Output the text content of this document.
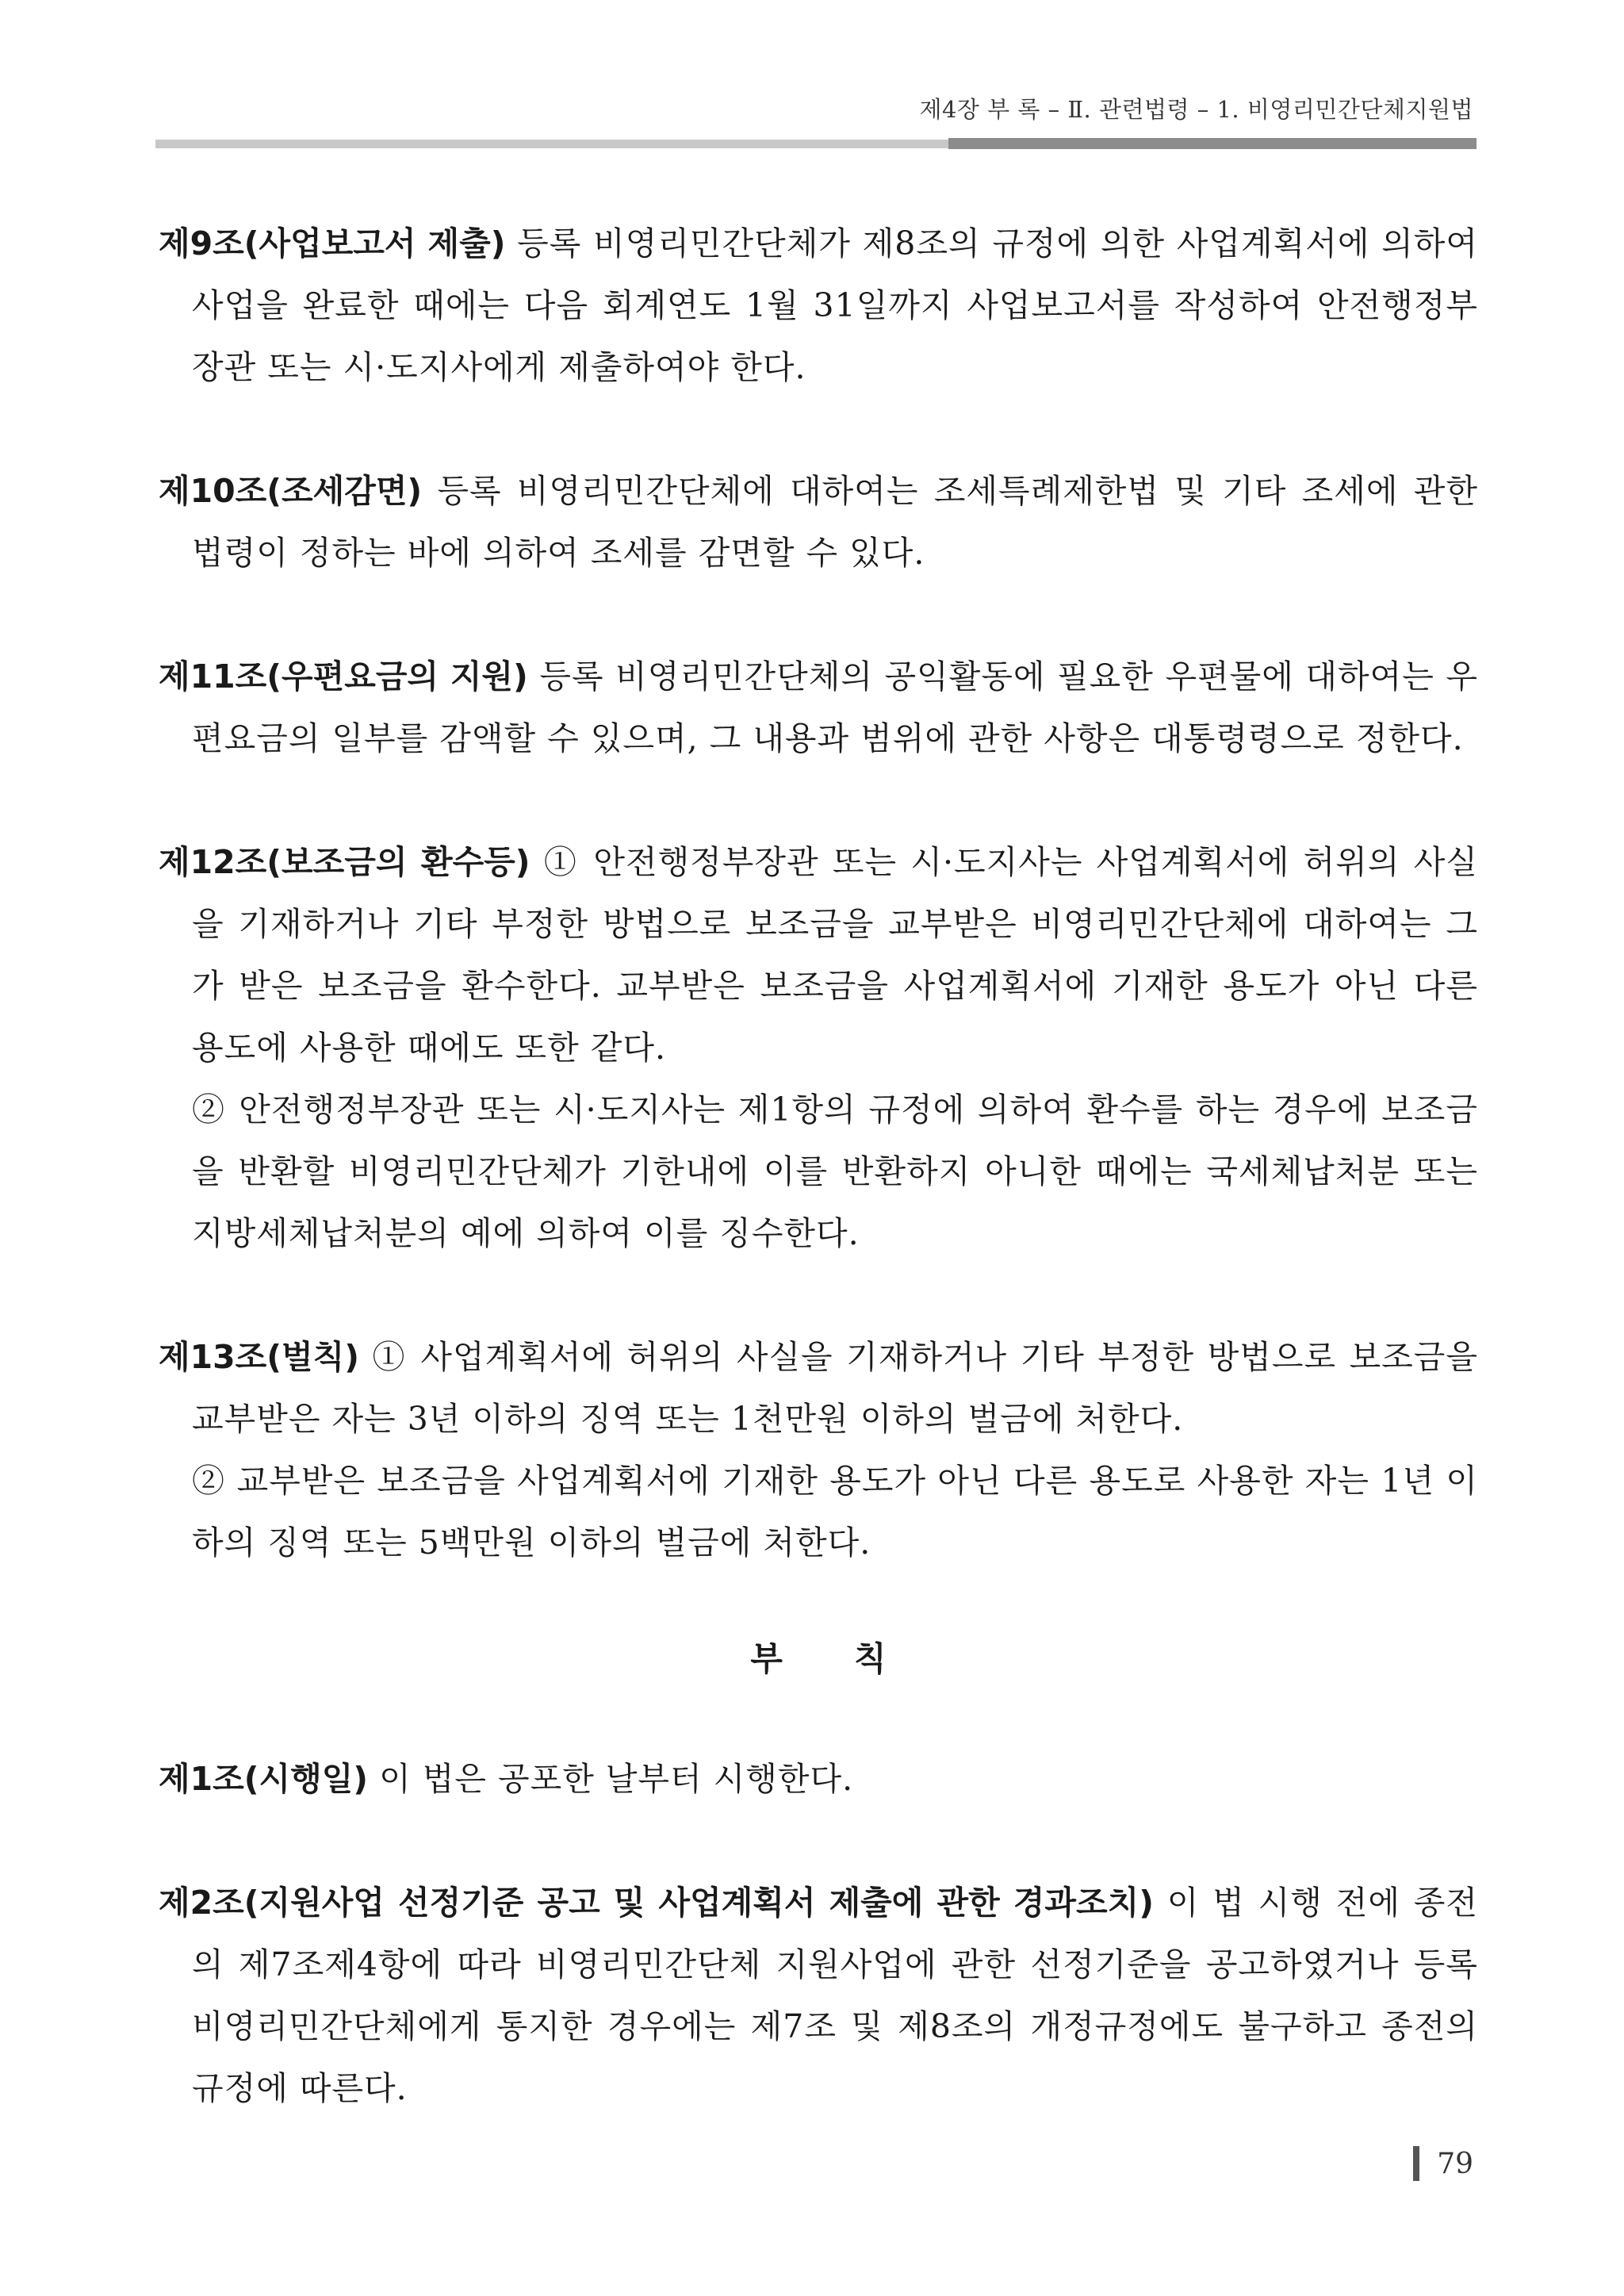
제4장 부 록 – Ⅱ. 관련법령 – 1. 비영리민간단체지원법

제9조(사업보고서 제출) 등록 비영리민간단체가 제8조의 규정에 의한 사업계획서에 의하여 사업을 완료한 때에는 다음 회계연도 1월 31일까지 사업보고서를 작성하여 안전행정부장관 또는 시·도지사에게 제출하여야 한다.

제10조(조세감면) 등록 비영리민간단체에 대하여는 조세특례제한법 및 기타 조세에 관한 법령이 정하는 바에 의하여 조세를 감면할 수 있다.

제11조(우편요금의 지원) 등록 비영리민간단체의 공익활동에 필요한 우편물에 대하여는 우편요금의 일부를 감액할 수 있으며, 그 내용과 범위에 관한 사항은 대통령령으로 정한다.

제12조(보조금의 환수등) ① 안전행정부장관 또는 시·도지사는 사업계획서에 허위의 사실을 기재하거나 기타 부정한 방법으로 보조금을 교부받은 비영리민간단체에 대하여는 그가 받은 보조금을 환수한다. 교부받은 보조금을 사업계획서에 기재한 용도가 아닌 다른 용도에 사용한 때에도 또한 같다.
② 안전행정부장관 또는 시·도지사는 제1항의 규정에 의하여 환수를 하는 경우에 보조금을 반환할 비영리민간단체가 기한내에 이를 반환하지 아니한 때에는 국세체납처분 또는 지방세체납처분의 예에 의하여 이를 징수한다.

제13조(벌칙) ① 사업계획서에 허위의 사실을 기재하거나 기타 부정한 방법으로 보조금을 교부받은 자는 3년 이하의 징역 또는 1천만원 이하의 벌금에 처한다.
② 교부받은 보조금을 사업계획서에 기재한 용도가 아닌 다른 용도로 사용한 자는 1년 이하의 징역 또는 5백만원 이하의 벌금에 처한다.

부칙

제1조(시행일) 이 법은 공포한 날부터 시행한다.

제2조(지원사업 선정기준 공고 및 사업계획서 제출에 관한 경과조치) 이 법 시행 전에 종전의 제7조제4항에 따라 비영리민간단체 지원사업에 관한 선정기준을 공고하였거나 등록 비영리민간단체에게 통지한 경우에는 제7조 및 제8조의 개정규정에도 불구하고 종전의 규정에 따른다.

79
